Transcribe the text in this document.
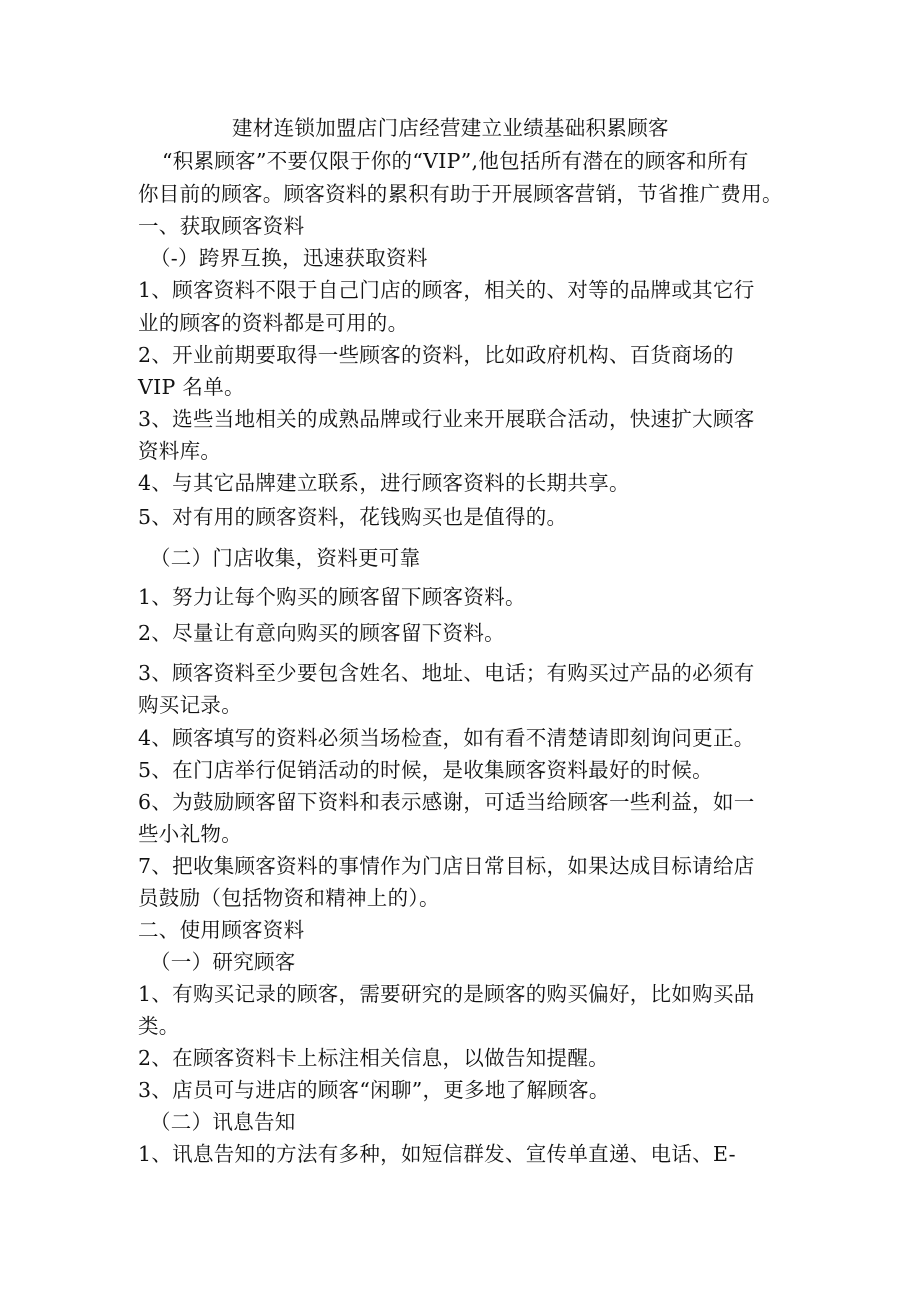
建材连锁加盟店门店经营建立业绩基础积累顾客
“积累顾客”不要仅限于你的“VIP”,他包括所有潜在的顾客和所有
你目前的顾客。顾客资料的累积有助于开展顾客营销，节省推广费用。
一、获取顾客资料
（-）跨界互换，迅速获取资料
1、顾客资料不限于自己门店的顾客，相关的、对等的品牌或其它行
业的顾客的资料都是可用的。
2、开业前期要取得一些顾客的资料，比如政府机构、百货商场的
VIP 名单。
3、选些当地相关的成熟品牌或行业来开展联合活动，快速扩大顾客
资料库。
4、与其它品牌建立联系，进行顾客资料的长期共享。
5、对有用的顾客资料，花钱购买也是值得的。
（二）门店收集，资料更可靠
1、努力让每个购买的顾客留下顾客资料。
2、尽量让有意向购买的顾客留下资料。
3、顾客资料至少要包含姓名、地址、电话；有购买过产品的必须有
购买记录。
4、顾客填写的资料必须当场检查，如有看不清楚请即刻询问更正。
5、在门店举行促销活动的时候，是收集顾客资料最好的时候。
6、为鼓励顾客留下资料和表示感谢，可适当给顾客一些利益，如一
些小礼物。
7、把收集顾客资料的事情作为门店日常目标，如果达成目标请给店
员鼓励（包括物资和精神上的）。
二、使用顾客资料
（一）研究顾客
1、有购买记录的顾客，需要研究的是顾客的购买偏好，比如购买品
类。
2、在顾客资料卡上标注相关信息，以做告知提醒。
3、店员可与进店的顾客“闲聊”，更多地了解顾客。
（二）讯息告知
1、讯息告知的方法有多种，如短信群发、宣传单直递、电话、E-
